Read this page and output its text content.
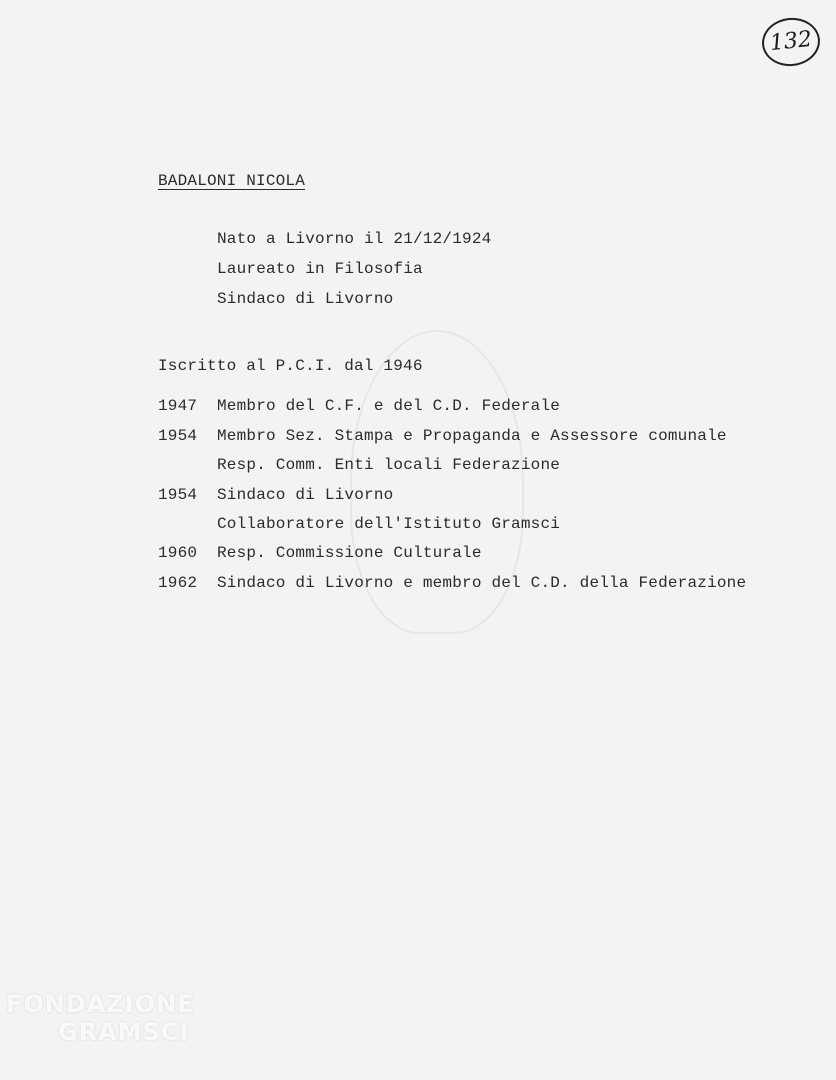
132
BADALONI NICOLA
Nato a Livorno il 21/12/1924
Laureato in Filosofia
Sindaco di Livorno
Iscritto al P.C.I. dal 1946
1947 Membro del C.F. e del C.D. Federale
1954 Membro Sez. Stampa e Propaganda e Assessore comunale
Resp. Comm. Enti locali Federazione
1954 Sindaco di Livorno
Collaboratore dell'Istituto Gramsci
1960 Resp. Commissione Culturale
1962 Sindaco di Livorno e membro del C.D. della Federazione
FONDAZIONE
GRAMSCI
